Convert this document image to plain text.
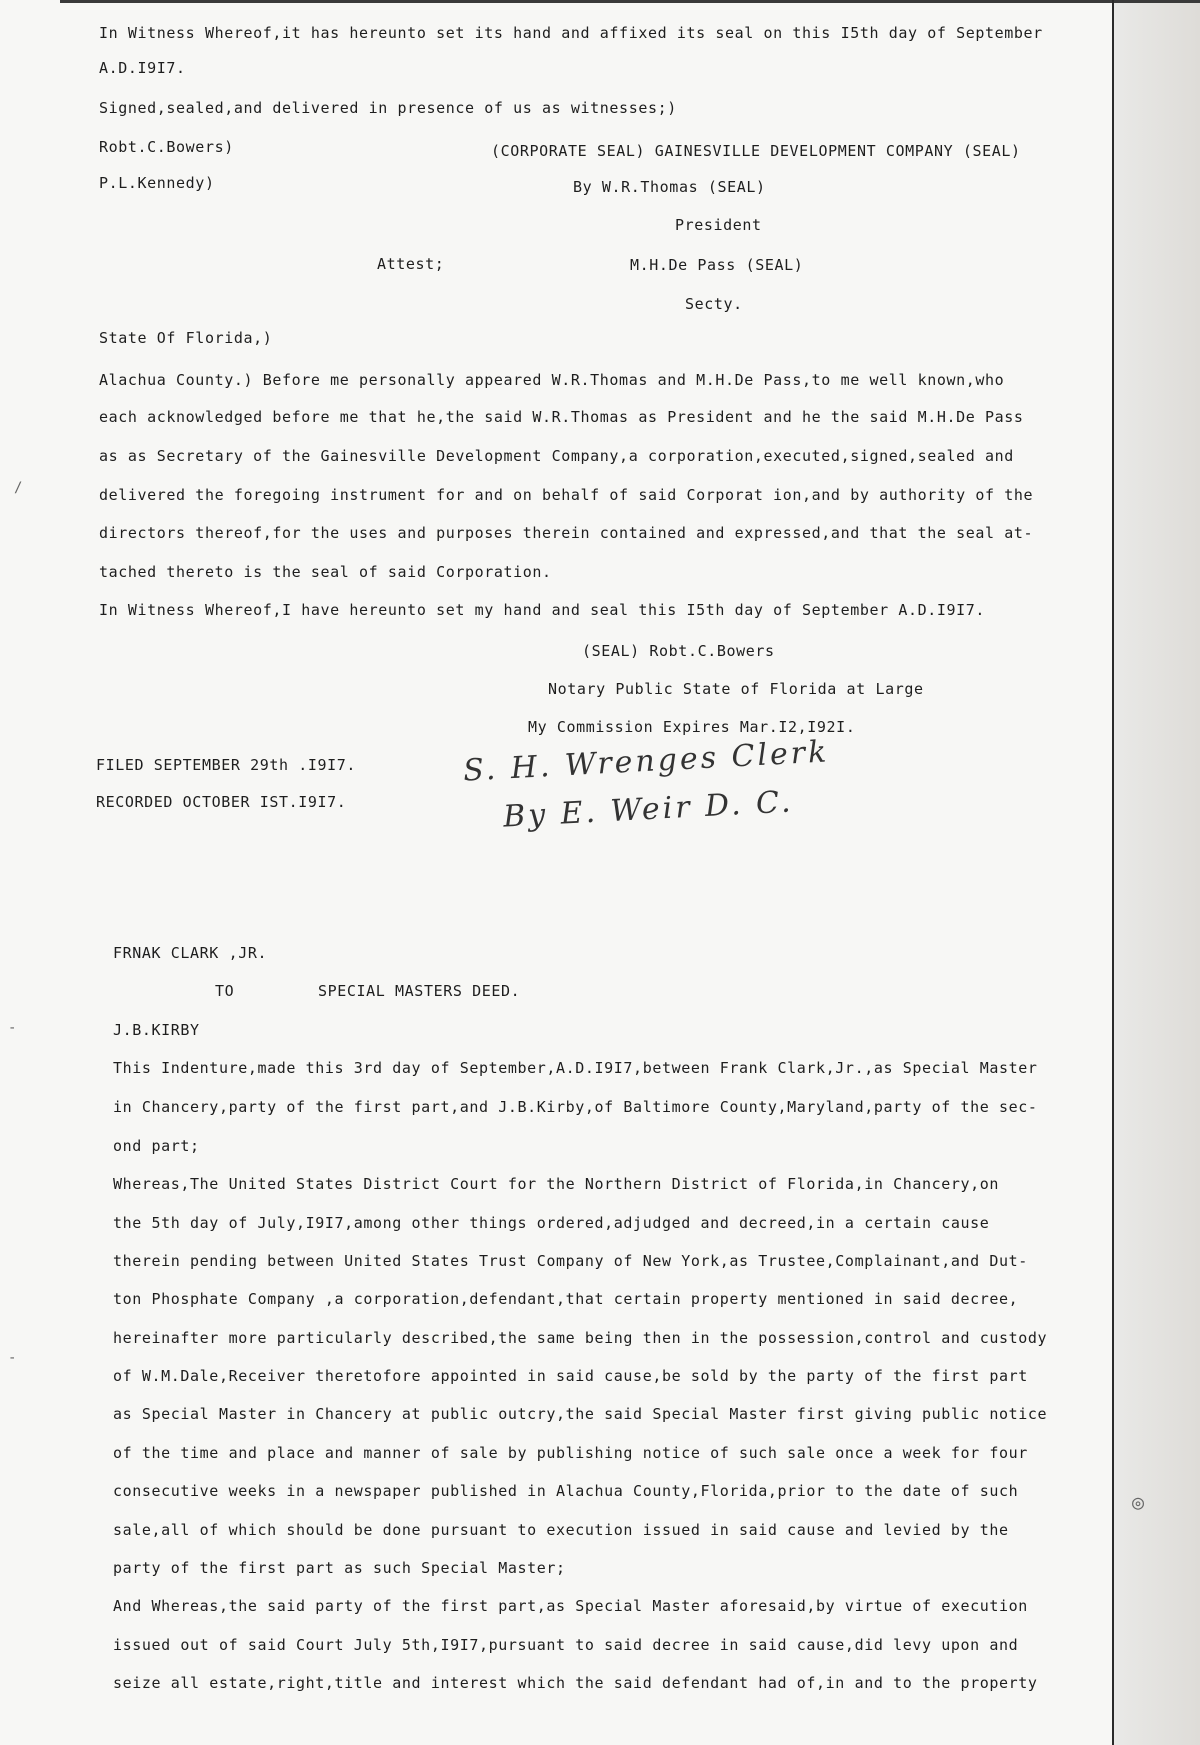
In Witness Whereof,it has hereunto set its hand and affixed its seal on this I5th day of September
A.D.I9I7.
Signed,sealed,and delivered in presence of us as witnesses;)
Robt.C.Bowers)	(CORPORATE SEAL) GAINESVILLE DEVELOPMENT COMPANY (SEAL)
P.L.Kennedy)	By W.R.Thomas (SEAL)
President
Attest;	M.H.De Pass (SEAL)
Secty.
State Of Florida,)
Alachua County.) Before me personally appeared W.R.Thomas and M.H.De Pass,to me well known,who
each acknowledged before me that he,the said W.R.Thomas as President and he the said M.H.De Pass
as as Secretary of the Gainesville Development Company,a corporation,executed,signed,sealed and
delivered the foregoing instrument for and on behalf of said Corporat ion,and by authority of the
directors thereof,for the uses and purposes therein contained and expressed,and that the seal at-
tached thereto is the seal of said Corporation.
In Witness Whereof,I have hereunto set my hand and seal this I5th day of September A.D.I9I7.
(SEAL) Robt.C.Bowers
Notary Public State of Florida at Large
My Commission Expires Mar.I2,I92I.
FILED SEPTEMBER 29th .I9I7.
RECORDED OCTOBER IST.I9I7.
S. H. Wrenges Clerk
By E. Weir D. C.
FRNAK CLARK ,JR.
TO	SPECIAL MASTERS DEED.
J.B.KIRBY
This Indenture,made this 3rd day of September,A.D.I9I7,between Frank Clark,Jr.,as Special Master
in Chancery,party of the first part,and J.B.Kirby,of Baltimore County,Maryland,party of the sec-
ond part;
Whereas,The United States District Court for the Northern District of Florida,in Chancery,on
the 5th day of July,I9I7,among other things ordered,adjudged and decreed,in a certain cause
therein pending between United States Trust Company of New York,as Trustee,Complainant,and Dut-
ton Phosphate Company ,a corporation,defendant,that certain property mentioned in said decree,
hereinafter more particularly described,the same being then in the possession,control and custody
of W.M.Dale,Receiver theretofore appointed in said cause,be sold by the party of the first part
as Special Master in Chancery at public outcry,the said Special Master first giving public notice
of the time and place and manner of sale by publishing notice of such sale once a week for four
consecutive weeks in a newspaper published in Alachua County,Florida,prior to the date of such
sale,all of which should be done pursuant to execution issued in said cause and levied by the
party of the first part as such Special Master;
And Whereas,the said party of the first part,as Special Master aforesaid,by virtue of execution
issued out of said Court July 5th,I9I7,pursuant to said decree in said cause,did levy upon and
seize all estate,right,title and interest which the said defendant had of,in and to the property
/
-
-
◎
